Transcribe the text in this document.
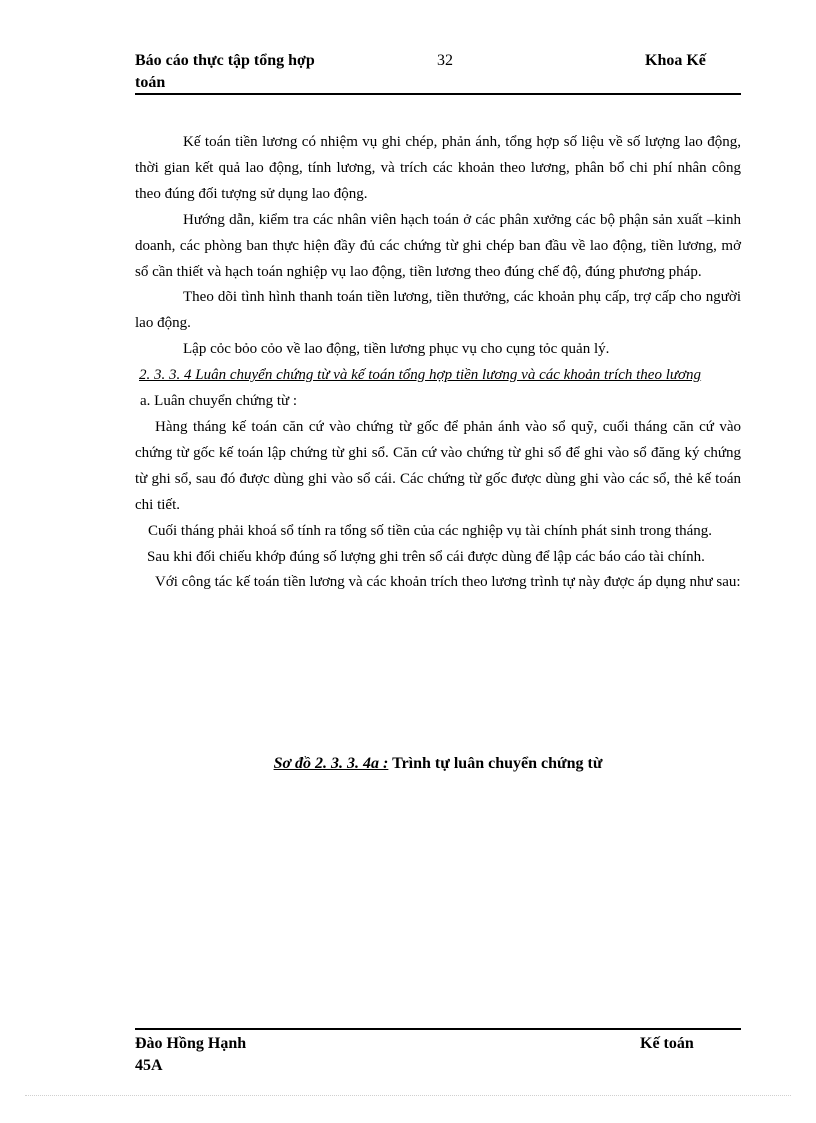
Báo cáo thực tập tổng hợp
toán
32	Khoa Kế

Kế toán tiền lương có nhiệm vụ ghi chép, phản ánh, tổng hợp số liệu về số lượng lao động, thời gian kết quả lao động, tính lương, và trích các khoản theo lương, phân bổ chi phí nhân công theo đúng đối tượng sử dụng lao động.

Hướng dẫn, kiểm tra các nhân viên hạch toán ở các phân xưởng các bộ phận sản xuất –kinh doanh, các phòng ban thực hiện đầy đủ các chứng từ ghi chép ban đầu về lao động, tiền lương, mở sổ cần thiết và hạch toán nghiệp vụ lao động, tiền lương theo đúng chế độ, đúng phương pháp.

Theo dõi tình hình thanh toán tiền lương, tiền thưởng, các khoản phụ cấp, trợ cấp cho người lao động.

Lập cỏc bỏo cỏo về lao động, tiền lương phục vụ cho cụng tỏc quản lý.

2. 3. 3. 4 Luân chuyển chứng từ và kế toán tổng hợp tiền lương và các khoản trích theo lương

a. Luân chuyển chứng từ :

Hàng tháng kế toán căn cứ vào chứng từ gốc để phản ánh vào sổ quỹ, cuối tháng căn cứ vào chứng từ gốc kế toán lập chứng từ ghi sổ. Căn cứ vào chứng từ ghi sổ để ghi vào sổ đăng ký chứng từ ghi sổ, sau đó được dùng ghi vào sổ cái. Các chứng từ gốc được dùng ghi vào các sổ, thẻ kế toán chi tiết.

Cuối tháng phải khoá sổ tính ra tổng số tiền của các nghiệp vụ tài chính phát sinh trong tháng.

Sau khi đối chiếu khớp đúng số lượng ghi trên sổ cái được dùng để lập các báo cáo tài chính.

Với công tác kế toán tiền lương và các khoản trích theo lương trình tự này được áp dụng như sau:

Sơ đồ 2. 3. 3. 4a : Trình tự luân chuyển chứng từ
Đào Hồng Hạnh
45A
Kế toán
